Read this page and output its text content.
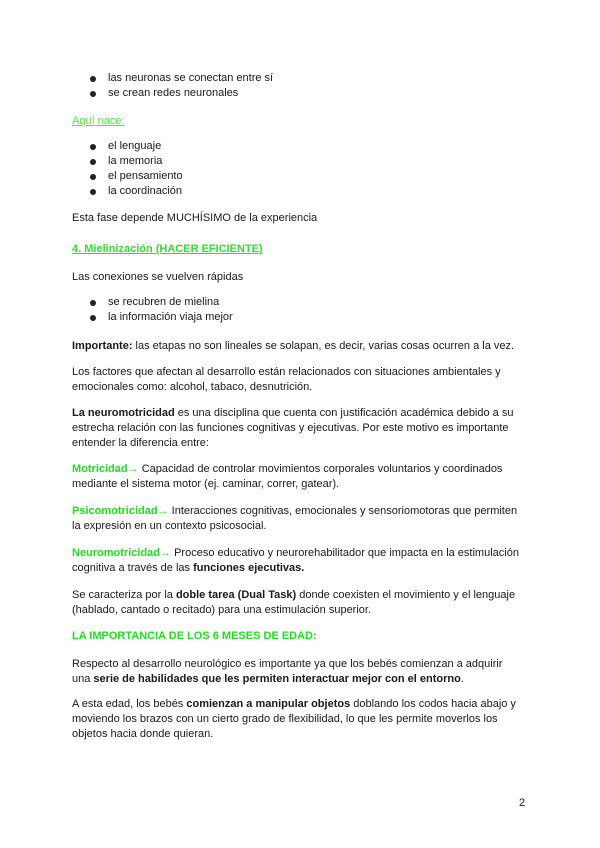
las neuronas se conectan entre sí
se crean redes neuronales
Aquí nace:
el lenguaje
la memoria
el pensamiento
la coordinación
Esta fase depende MUCHÍSIMO de la experiencia
4. Mielinización (HACER EFICIENTE)
Las conexiones se vuelven rápidas
se recubren de mielina
la información viaja mejor
Importante: las etapas no son lineales se solapan, es decir, varias cosas ocurren a la vez.
Los factores que afectan al desarrollo están relacionados con situaciones ambientales y
emocionales como: alcohol, tabaco, desnutrición.
La neuromotricidad es una disciplina que cuenta con justificación académica debido a su
estrecha relación con las funciones cognitivas y ejecutivas. Por este motivo es importante
entender la diferencia entre:
Motricidad→ Capacidad de controlar movimientos corporales voluntarios y coordinados
mediante el sistema motor (ej. caminar, correr, gatear).
Psicomotricidad→ Interacciones cognitivas, emocionales y sensoriomotoras que permiten
la expresión en un contexto psicosocial.
Neuromotricidad→ Proceso educativo y neurorehabilitador que impacta en la estimulación
cognitiva a través de las funciones ejecutivas.
Se caracteriza por la doble tarea (Dual Task) donde coexisten el movimiento y el lenguaje
(hablado, cantado o recitado) para una estimulación superior.
LA IMPORTANCIA DE LOS 6 MESES DE EDAD:
Respecto al desarrollo neurológico es importante ya que los bebés comienzan a adquirir
una serie de habilidades que les permiten interactuar mejor con el entorno.
A esta edad, los bebés comienzan a manipular objetos doblando los codos hacia abajo y
moviendo los brazos con un cierto grado de flexibilidad, lo que les permite moverlos los
objetos hacia donde quieran.
2
